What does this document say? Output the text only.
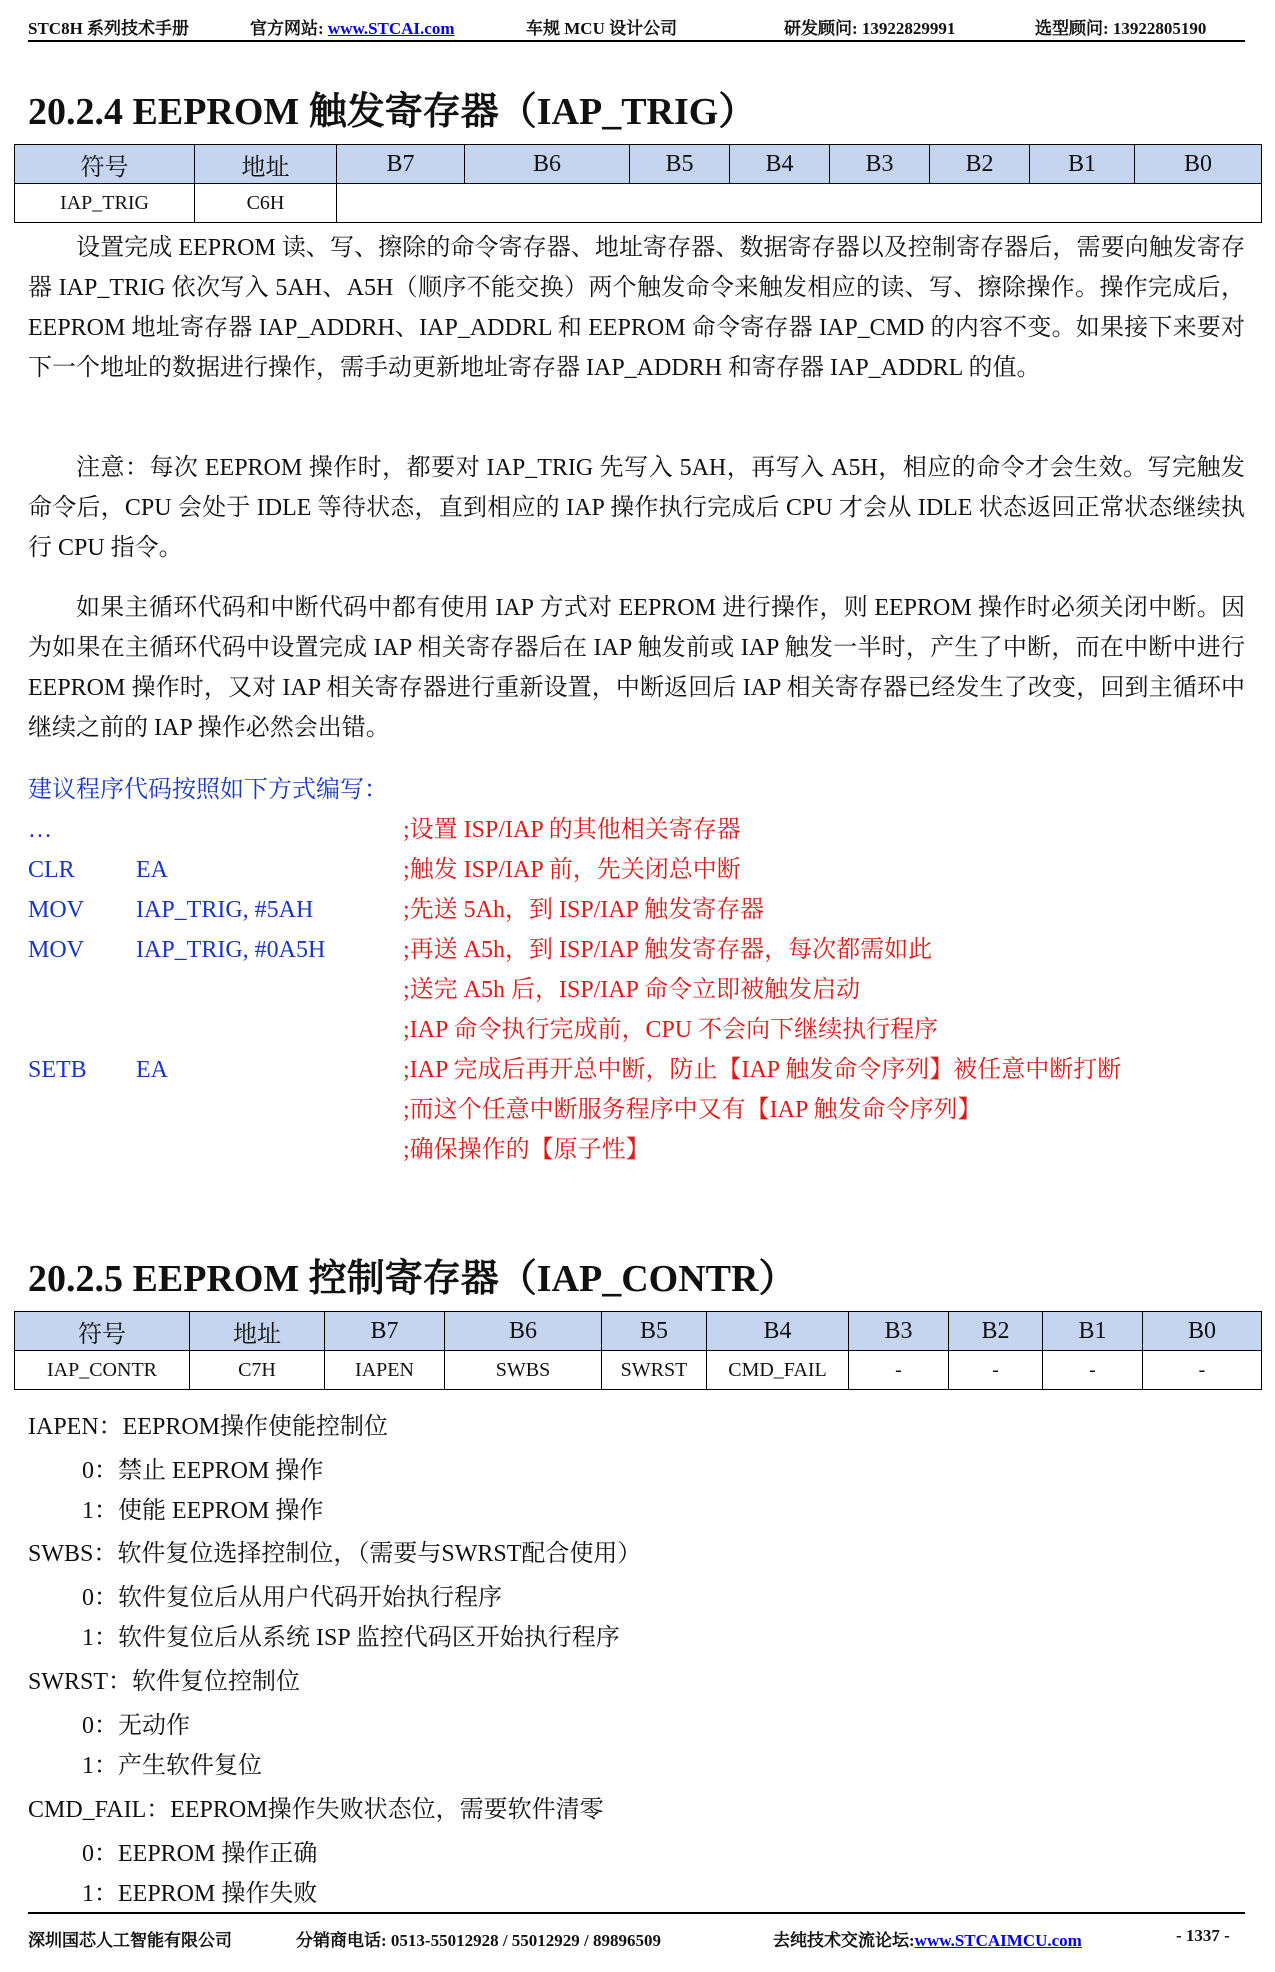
STC8H 系列技术手册	官方网站: www.STCAI.com	车规 MCU 设计公司	研发顾问: 13922829991	选型顾问: 13922805190
20.2.4 EEPROM 触发寄存器（IAP_TRIG）
符号	地址	B7	B6	B5	B4	B3	B2	B1	B0
IAP_TRIG	C6H								
设置完成 EEPROM 读、写、擦除的命令寄存器、地址寄存器、数据寄存器以及控制寄存器后，需要向触发寄存器 IAP_TRIG 依次写入 5AH、A5H（顺序不能交换）两个触发命令来触发相应的读、写、擦除操作。操作完成后，EEPROM 地址寄存器 IAP_ADDRH、IAP_ADDRL 和 EEPROM 命令寄存器 IAP_CMD 的内容不变。如果接下来要对下一个地址的数据进行操作，需手动更新地址寄存器 IAP_ADDRH 和寄存器 IAP_ADDRL 的值。
注意：每次 EEPROM 操作时，都要对 IAP_TRIG 先写入 5AH，再写入 A5H，相应的命令才会生效。写完触发命令后，CPU 会处于 IDLE 等待状态，直到相应的 IAP 操作执行完成后 CPU 才会从 IDLE 状态返回正常状态继续执行 CPU 指令。
如果主循环代码和中断代码中都有使用 IAP 方式对 EEPROM 进行操作，则 EEPROM 操作时必须关闭中断。因为如果在主循环代码中设置完成 IAP 相关寄存器后在 IAP 触发前或 IAP 触发一半时，产生了中断，而在中断中进行 EEPROM 操作时，又对 IAP 相关寄存器进行重新设置，中断返回后 IAP 相关寄存器已经发生了改变，回到主循环中继续之前的 IAP 操作必然会出错。
建议程序代码按照如下方式编写：
…	;设置 ISP/IAP 的其他相关寄存器
CLR	EA	;触发 ISP/IAP 前，先关闭总中断
MOV IAP_TRIG, #5AH	;先送 5Ah，到 ISP/IAP 触发寄存器
MOV IAP_TRIG, #0A5H	;再送 A5h，到 ISP/IAP 触发寄存器，每次都需如此
;送完 A5h 后，ISP/IAP 命令立即被触发启动
;IAP 命令执行完成前，CPU 不会向下继续执行程序
SETB EA	;IAP 完成后再开总中断，防止【IAP 触发命令序列】被任意中断打断
;而这个任意中断服务程序中又有【IAP 触发命令序列】
;确保操作的【原子性】
20.2.5 EEPROM 控制寄存器（IAP_CONTR）
符号	地址	B7	B6	B5	B4	B3	B2	B1	B0
IAP_CONTR	C7H	IAPEN	SWBS	SWRST	CMD_FAIL	-	-	-	-
IAPEN：EEPROM操作使能控制位
0：禁止 EEPROM 操作
1：使能 EEPROM 操作
SWBS：软件复位选择控制位，（需要与SWRST配合使用）
0：软件复位后从用户代码开始执行程序
1：软件复位后从系统 ISP 监控代码区开始执行程序
SWRST：软件复位控制位
0：无动作
1：产生软件复位
CMD_FAIL：EEPROM操作失败状态位，需要软件清零
0：EEPROM 操作正确
1：EEPROM 操作失败
深圳国芯人工智能有限公司	分销商电话: 0513-55012928 / 55012929 / 89896509	去纯技术交流论坛:www.STCAIMCU.com	- 1337 -
